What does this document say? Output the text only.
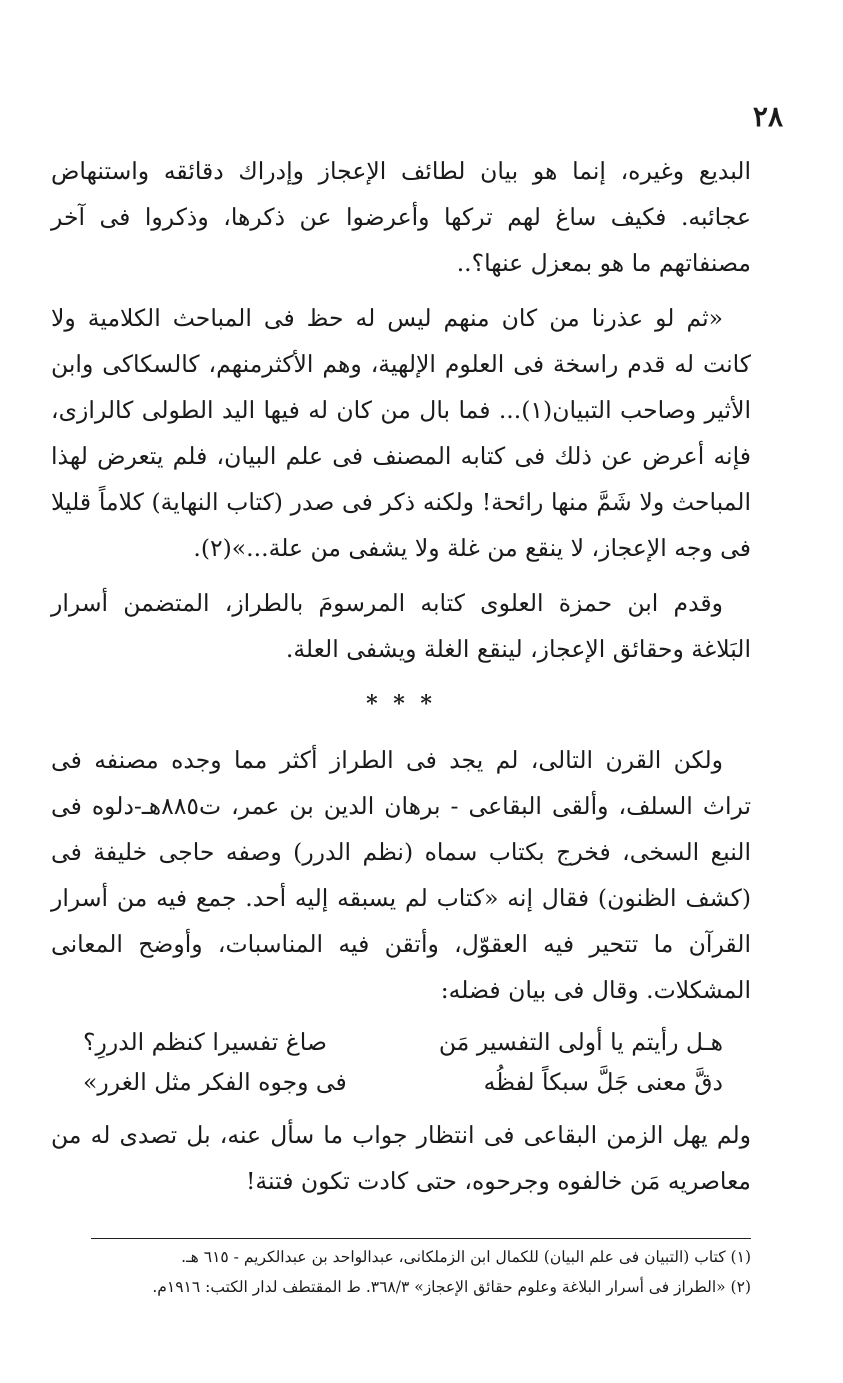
٢٨

البديع وغيره، إنما هو بيان لطائف الإعجاز وإدراك دقائقه واستنهاض عجائبه. فكيف ساغ لهم تركها وأعرضوا عن ذكرها، وذكروا فى آخر مصنفاتهم ما هو بمعزل عنها؟..

«ثم لو عذرنا من كان منهم ليس له حظ فى المباحث الكلامية ولا كانت له قدم راسخة فى العلوم الإلهية، وهم الأكثرمنهم، كالسكاكى وابن الأثير وصاحب التبيان(١)... فما بال من كان له فيها اليد الطولى كالرازى، فإنه أعرض عن ذلك فى كتابه المصنف فى علم البيان، فلم يتعرض لهذا المباحث ولا شَمَّ منها رائحة! ولكنه ذكر فى صدر (كتاب النهاية) كلاماً قليلا فى وجه الإعجاز، لا ينقع من غلة ولا يشفى من علة...»(٢).

وقدم ابن حمزة العلوى كتابه المرسومَ بالطراز، المتضمن أسرار البَلاغة وحقائق الإعجاز، لينقع الغلة ويشفى العلة.

* * *

ولكن القرن التالى، لم يجد فى الطراز أكثر مما وجده مصنفه فى تراث السلف، وألقى البقاعى - برهان الدين بن عمر، ت٨٨٥هـ-دلوه فى النبع السخى، فخرج بكتاب سماه (نظم الدرر) وصفه حاجى خليفة فى (كشف الظنون) فقال إنه «كتاب لم يسبقه إليه أحد. جمع فيه من أسرار القرآن ما تتحير فيه العقوّل، وأتقن فيه المناسبات، وأوضح المعانى المشكلات. وقال فى بيان فضله:

هـل رأيتم يا أولى التفسير مَن
صاغ تفسيرا كنظم الدررِ؟
دقَّ معنى جَلَّ سبكاً لفظُه
فى وجوه الفكر مثل الغرر»

ولم يهل الزمن البقاعى فى انتظار جواب ما سأل عنه، بل تصدى له من معاصريه مَن خالفوه وجرحوه، حتى كادت تكون فتنة!

(١) كتاب (التبيان فى علم البيان) للكمال ابن الزملكانى، عبدالواحد بن عبدالكريم - ٦١٥ هـ.

(٢) «الطراز فى أسرار البلاغة وعلوم حقائق الإعجاز» ٣٦٨/٣. ط المقتطف لدار الكتب: ١٩١٦م.
